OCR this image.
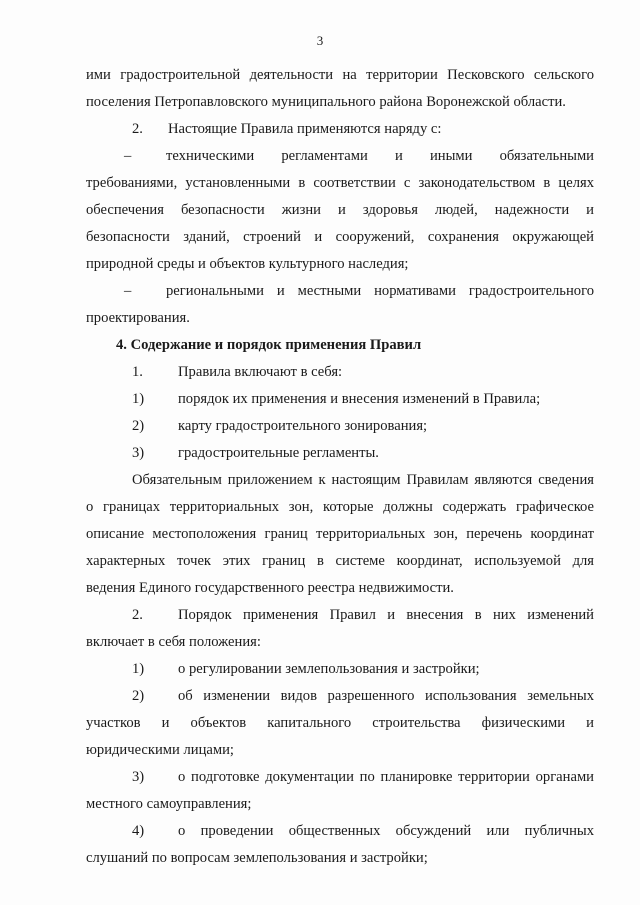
3

ими градостроительной деятельности на территории Песковского сельского

поселения Петропавловского муниципального района Воронежской области.

2.	Настоящие Правила применяются наряду с:

–	техническими регламентами и иными обязательными

требованиями, установленными в соответствии с законодательством в целях

обеспечения безопасности жизни и здоровья людей, надежности и

безопасности зданий, строений и сооружений, сохранения окружающей

природной среды и объектов культурного наследия;

–	региональными и местными нормативами градостроительного

проектирования.

4. Содержание и порядок применения Правил

1.	Правила включают в себя:

1)	порядок их применения и внесения изменений в Правила;

2)	карту градостроительного зонирования;

3)	градостроительные регламенты.

Обязательным приложением к настоящим Правилам являются сведения

о границах территориальных зон, которые должны содержать графическое

описание местоположения границ территориальных зон, перечень координат

характерных точек этих границ в системе координат, используемой для

ведения Единого государственного реестра недвижимости.

2.	Порядок применения Правил и внесения в них изменений

включает в себя положения:

1)	о регулировании землепользования и застройки;

2)	об изменении видов разрешенного использования земельных

участков и объектов капитального строительства физическими и

юридическими лицами;

3)	о подготовке документации по планировке территории органами

местного самоуправления;

4)	о проведении общественных обсуждений или публичных

слушаний по вопросам землепользования и застройки;
